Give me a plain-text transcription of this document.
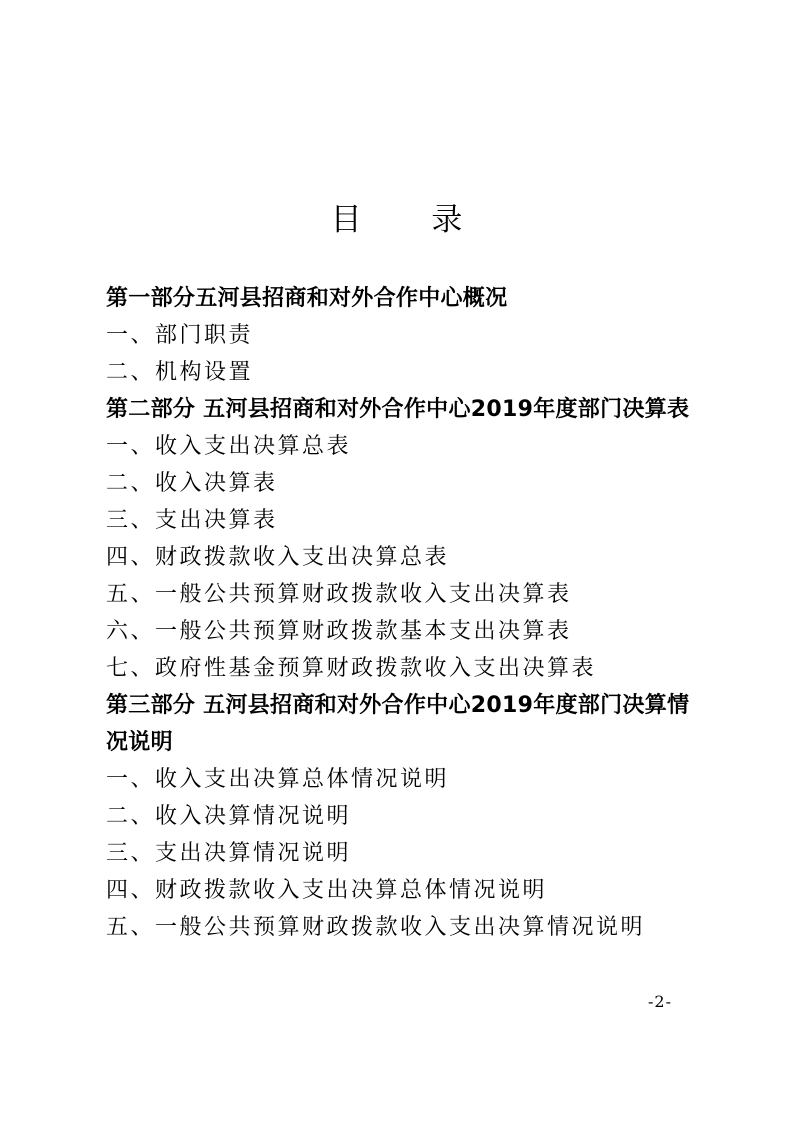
目 录
第一部分五河县招商和对外合作中心概况
一、部门职责
二、机构设置
第二部分 五河县招商和对外合作中心2019年度部门决算表
一、收入支出决算总表
二、收入决算表
三、支出决算表
四、财政拨款收入支出决算总表
五、一般公共预算财政拨款收入支出决算表
六、一般公共预算财政拨款基本支出决算表
七、政府性基金预算财政拨款收入支出决算表
第三部分 五河县招商和对外合作中心2019年度部门决算情况说明
一、收入支出决算总体情况说明
二、收入决算情况说明
三、支出决算情况说明
四、财政拨款收入支出决算总体情况说明
五、一般公共预算财政拨款收入支出决算情况说明
-2-
